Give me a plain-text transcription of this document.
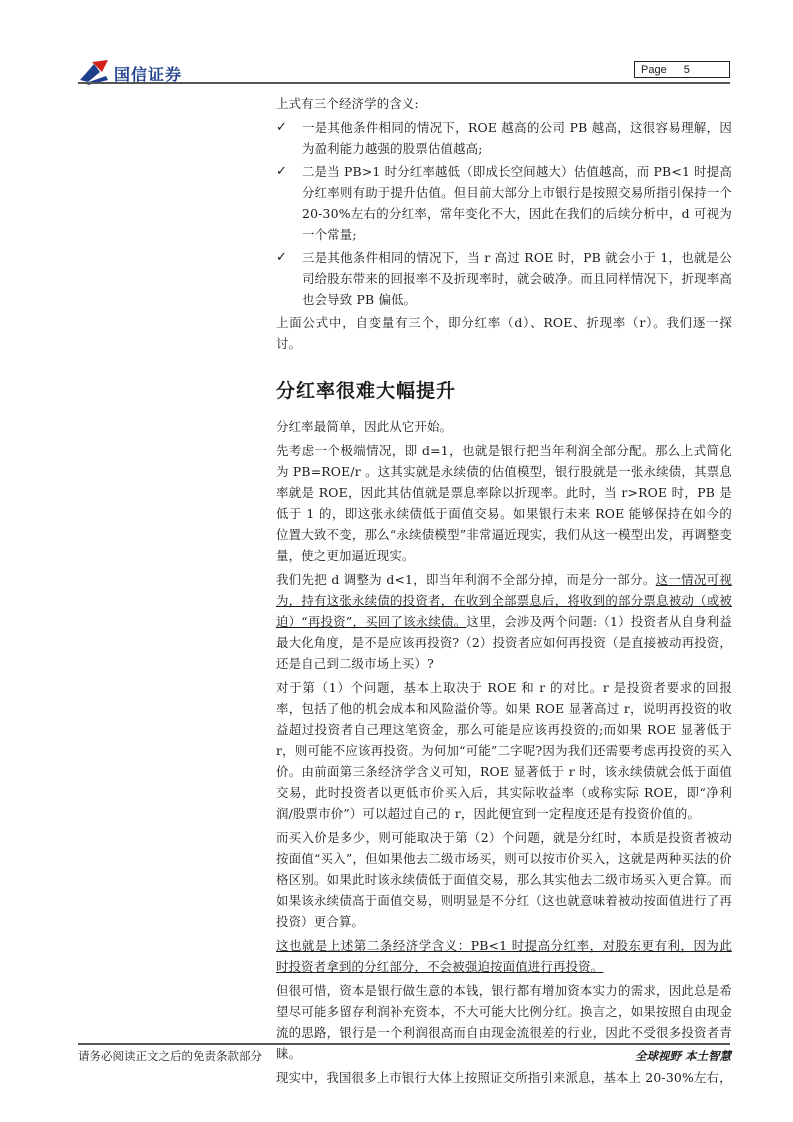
国信证券	Page 5

上式有三个经济学的含义:

✓ 一是其他条件相同的情况下，ROE 越高的公司 PB 越高，这很容易理解，因为盈利能力越强的股票估值越高;
✓ 二是当 PB>1 时分红率越低（即成长空间越大）估值越高，而 PB<1 时提高分红率则有助于提升估值。但目前大部分上市银行是按照交易所指引保持一个 20-30%左右的分红率，常年变化不大，因此在我们的后续分析中，d 可视为一个常量;
✓ 三是其他条件相同的情况下，当 r 高过 ROE 时，PB 就会小于 1，也就是公司给股东带来的回报率不及折现率时，就会破净。而且同样情况下，折现率高也会导致 PB 偏低。

上面公式中，自变量有三个，即分红率（d）、ROE、折现率（r）。我们逐一探讨。

分红率很难大幅提升

分红率最简单，因此从它开始。

先考虑一个极端情况，即 d=1，也就是银行把当年利润全部分配。那么上式简化为 PB=ROE/r 。这其实就是永续债的估值模型，银行股就是一张永续债，其票息率就是 ROE，因此其估值就是票息率除以折现率。此时，当 r>ROE 时，PB 是低于 1 的，即这张永续债低于面值交易。如果银行未来 ROE 能够保持在如今的位置大致不变，那么“永续债模型”非常逼近现实，我们从这一模型出发，再调整变量，使之更加逼近现实。

我们先把 d 调整为 d<1，即当年利润不全部分掉，而是分一部分。这一情况可视为，持有这张永续债的投资者，在收到全部票息后，将收到的部分票息被动（或被迫）“再投资”，买回了该永续债。这里，会涉及两个问题:（1）投资者从自身利益最大化角度，是不是应该再投资?（2）投资者应如何再投资（是直接被动再投资，还是自己到二级市场上买）?

对于第（1）个问题，基本上取决于 ROE 和 r 的对比。r 是投资者要求的回报率，包括了他的机会成本和风险溢价等。如果 ROE 显著高过 r，说明再投资的收益超过投资者自己理这笔资金，那么可能是应该再投资的;而如果 ROE 显著低于 r，则可能不应该再投资。为何加“可能”二字呢?因为我们还需要考虑再投资的买入价。由前面第三条经济学含义可知，ROE 显著低于 r 时，该永续债就会低于面值交易，此时投资者以更低市价买入后，其实际收益率（或称实际 ROE，即“净利润/股票市价”）可以超过自己的 r，因此便宜到一定程度还是有投资价值的。

而买入价是多少，则可能取决于第（2）个问题，就是分红时，本质是投资者被动按面值“买入”，但如果他去二级市场买，则可以按市价买入，这就是两种买法的价格区别。如果此时该永续债低于面值交易，那么其实他去二级市场买入更合算。而如果该永续债高于面值交易，则明显是不分红（这也就意味着被动按面值进行了再投资）更合算。

这也就是上述第二条经济学含义：PB<1 时提高分红率，对股东更有利，因为此时投资者拿到的分红部分，不会被强迫按面值进行再投资。

但很可惜，资本是银行做生意的本钱，银行都有增加资本实力的需求，因此总是希望尽可能多留存利润补充资本，不大可能大比例分红。换言之，如果按照自由现金流的思路，银行是一个利润很高而自由现金流很差的行业，因此不受很多投资者青睐。

现实中，我国很多上市银行大体上按照证交所指引来派息，基本上 20-30%左右，

请务必阅读正文之后的免责条款部分	全球视野 本土智慧
